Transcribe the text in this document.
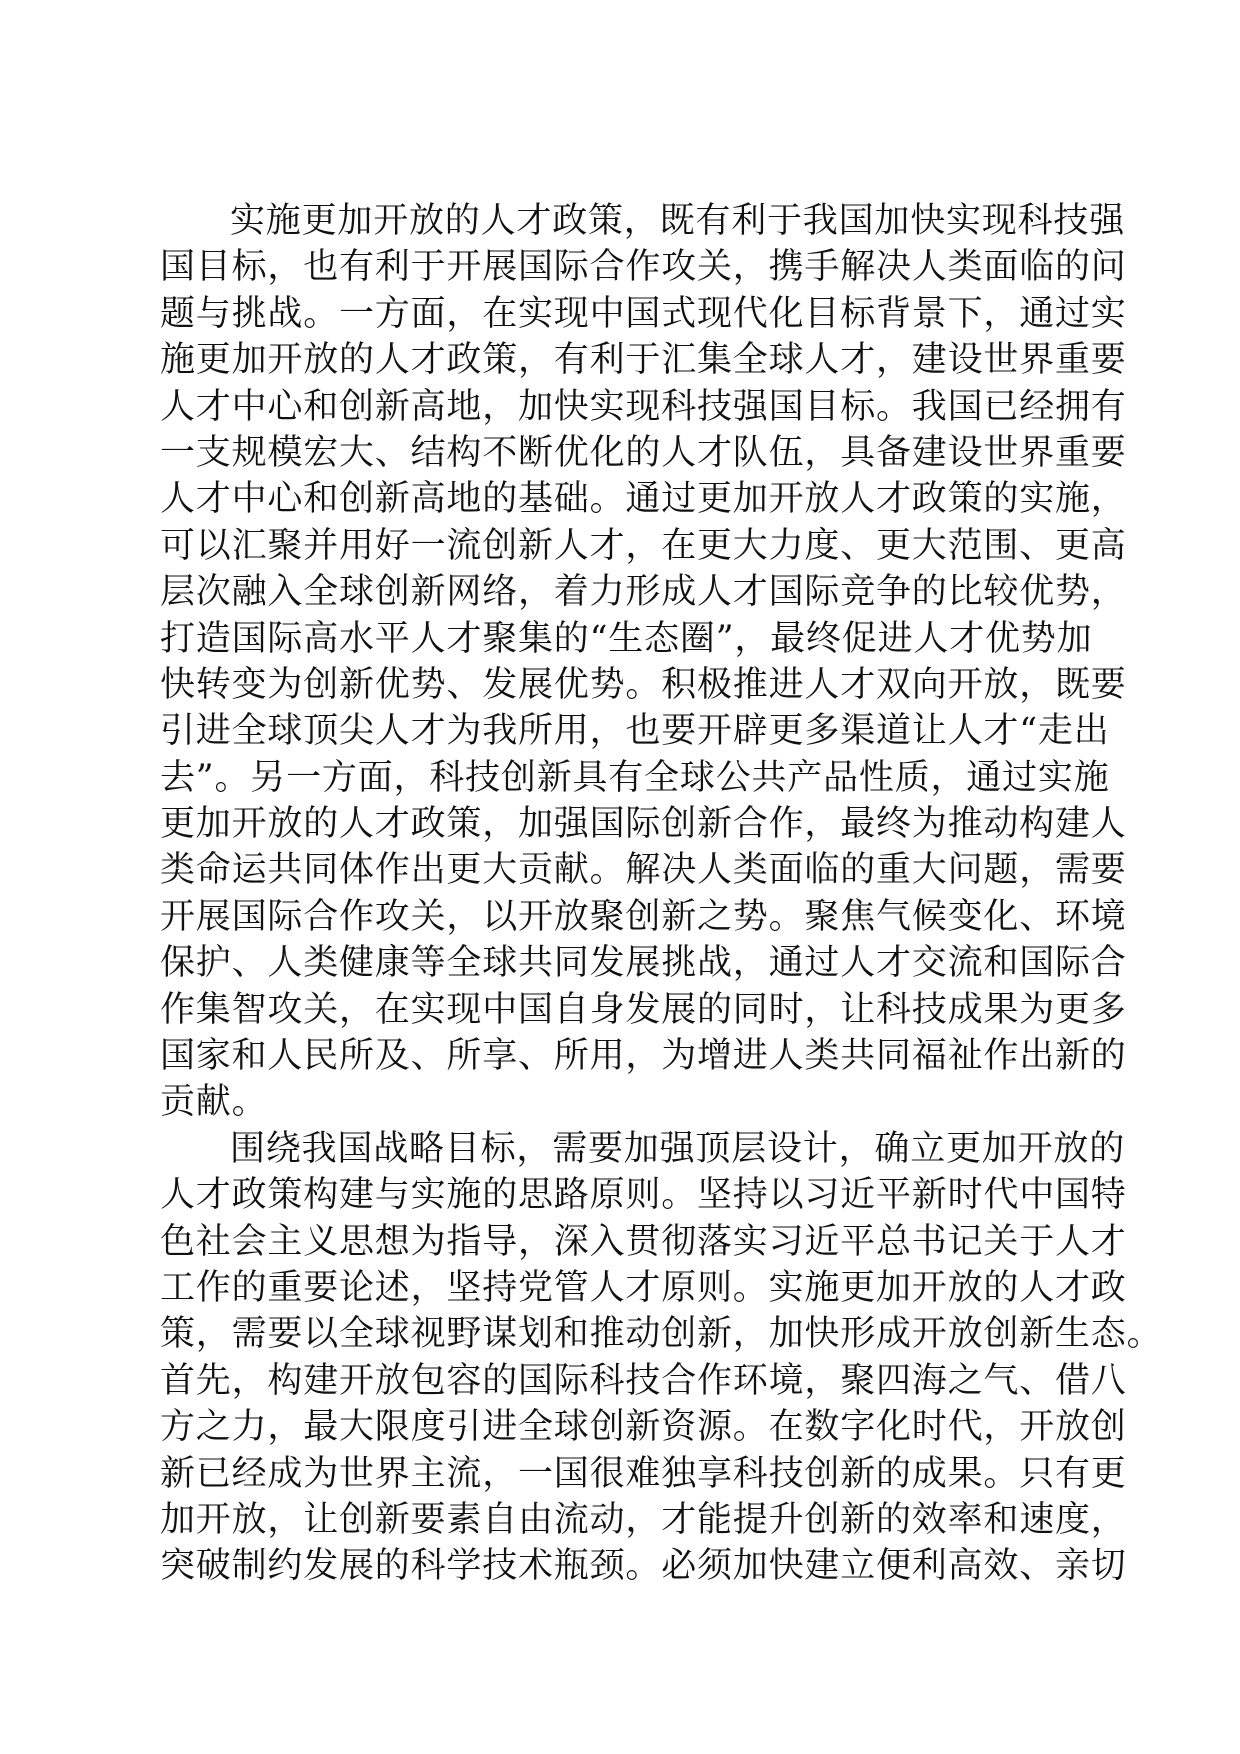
实施更加开放的人才政策，既有利于我国加快实现科技强
国目标，也有利于开展国际合作攻关，携手解决人类面临的问
题与挑战。一方面，在实现中国式现代化目标背景下，通过实
施更加开放的人才政策，有利于汇集全球人才，建设世界重要
人才中心和创新高地，加快实现科技强国目标。我国已经拥有
一支规模宏大、结构不断优化的人才队伍，具备建设世界重要
人才中心和创新高地的基础。通过更加开放人才政策的实施，
可以汇聚并用好一流创新人才，在更大力度、更大范围、更高
层次融入全球创新网络，着力形成人才国际竞争的比较优势，
打造国际高水平人才聚集的“生态圈”，最终促进人才优势加
快转变为创新优势、发展优势。积极推进人才双向开放，既要
引进全球顶尖人才为我所用，也要开辟更多渠道让人才“走出
去”。另一方面，科技创新具有全球公共产品性质，通过实施
更加开放的人才政策，加强国际创新合作，最终为推动构建人
类命运共同体作出更大贡献。解决人类面临的重大问题，需要
开展国际合作攻关，以开放聚创新之势。聚焦气候变化、环境
保护、人类健康等全球共同发展挑战，通过人才交流和国际合
作集智攻关，在实现中国自身发展的同时，让科技成果为更多
国家和人民所及、所享、所用，为增进人类共同福祉作出新的
贡献。
围绕我国战略目标，需要加强顶层设计，确立更加开放的
人才政策构建与实施的思路原则。坚持以习近平新时代中国特
色社会主义思想为指导，深入贯彻落实习近平总书记关于人才
工作的重要论述，坚持党管人才原则。实施更加开放的人才政
策，需要以全球视野谋划和推动创新，加快形成开放创新生态。
首先，构建开放包容的国际科技合作环境，聚四海之气、借八
方之力，最大限度引进全球创新资源。在数字化时代，开放创
新已经成为世界主流，一国很难独享科技创新的成果。只有更
加开放，让创新要素自由流动，才能提升创新的效率和速度，
突破制约发展的科学技术瓶颈。必须加快建立便利高效、亲切
